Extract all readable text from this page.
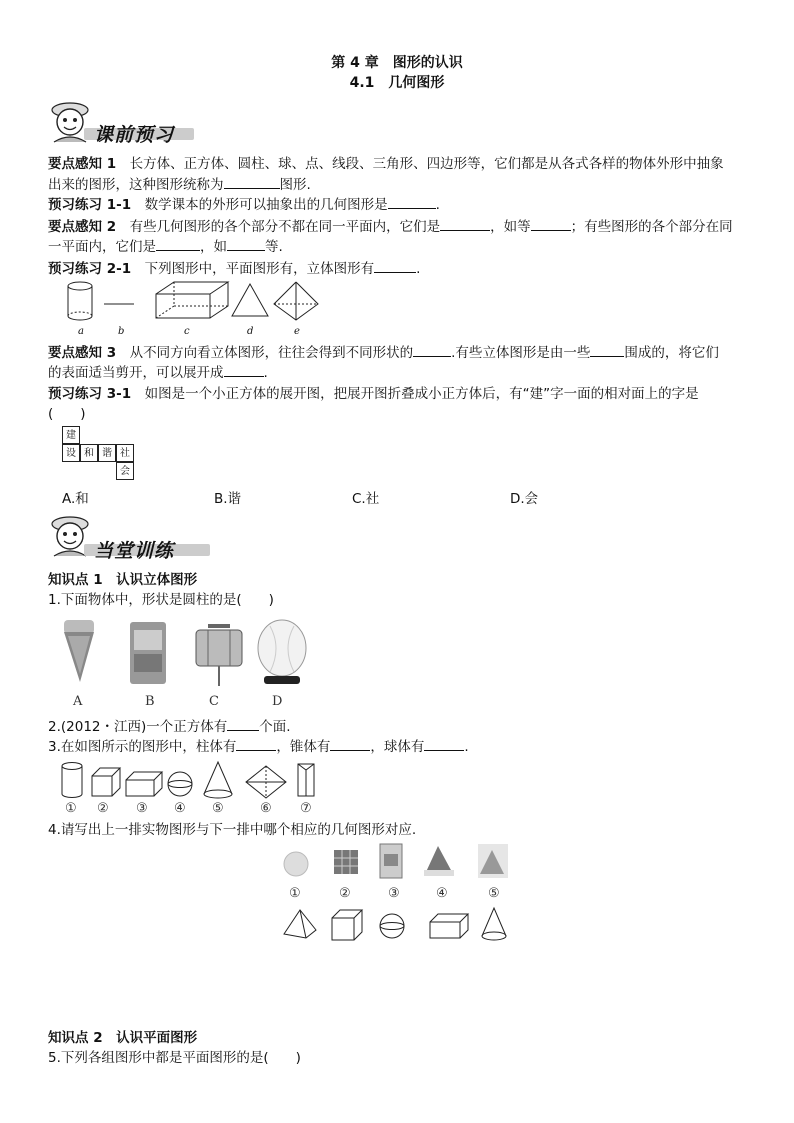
第 4 章　图形的认识
4.1　几何图形
课前预习
要点感知 1　 长方体、正方体、圆柱、球、点、线段、三角形、四边形等，它们都是从各式各样的物体外形中抽象
出来的图形，这种图形统称为	图形.
预习练习 1-1　 数学课本的外形可以抽象出的几何图形是	.
要点感知 2　 有些几何图形的各个部分不都在同一平面内，它们是	，如等	；有些图形的各个部分在同
一平面内，它们是	，如	等.
预习练习 2-1　 下列图形中，平面图形有，立体图形有	.
a	b	c	d	e
要点感知 3　 从不同方向看立体图形，往往会得到不同形状的	.有些立体图形是由一些	围成的，将它们
的表面适当剪开，可以展开成	.
预习练习 3-1　 如图是一个小正方体的展开图，把展开图折叠成小正方体后，有“建”字一面的相对面上的字是
(　　)
建
设 和 谐 社
会
A.和	B.谐	C.社	D.会
当堂训练
知识点 1　认识立体图形
1.下面物体中，形状是圆柱的是(　　)
A	B	C	D
2.(2012・江西)一个正方体有 个面.
3.在如图所示的图形中，柱体有	，锥体有	，球体有	.
① ② ③ ④ ⑤	⑥ ⑦
4.请写出上一排实物图形与下一排中哪个相应的几何图形对应.
①	②	③	④	⑤
知识点 2　认识平面图形
5.下列各组图形中都是平面图形的是(　　)
